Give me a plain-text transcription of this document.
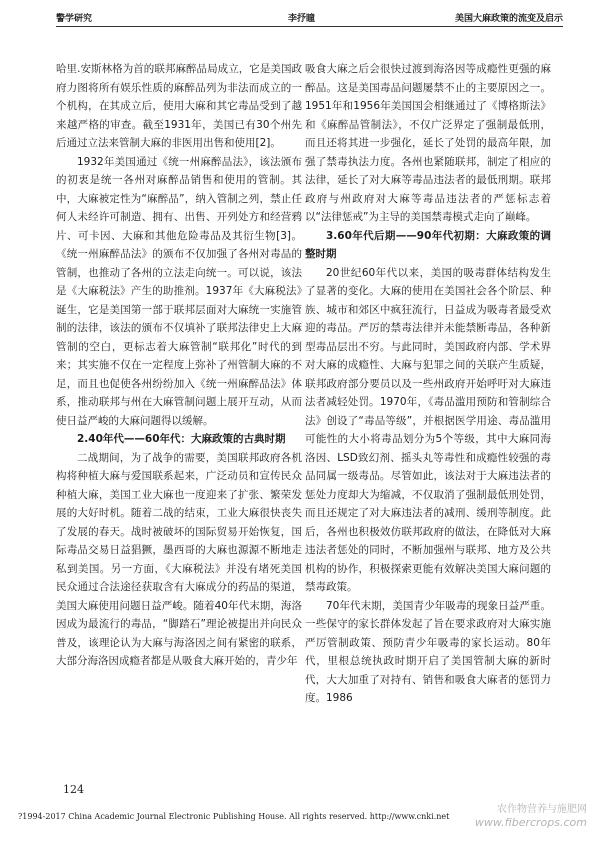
警学研究	李抒瞳	美国大麻政策的流变及启示

哈里.安斯林格为首的联邦麻醉品局成立，它是美国政府力图将所有娱乐性质的麻醉品列为非法而成立的一个机构，在其成立后，使用大麻和其它毒品受到了越来越严格的审查。截至1931年，美国已有30个州先后通过立法来管制大麻的非医用出售和使用[2]。

1932年美国通过《统一州麻醉品法》，该法颁布的初衷是统一各州对麻醉品销售和使用的管制。其中，大麻被定性为“麻醉品”，纳入管制之列，禁止任何人未经许可制造、拥有、出售、开列处方和经营鸦片、可卡因、大麻和其他危险毒品及其衍生物[3]。《统一州麻醉品法》的颁布不仅加强了各州对毒品的管制，也推动了各州的立法走向统一。可以说，该法是《大麻税法》产生的助推剂。1937年《大麻税法》诞生，它是美国第一部于联邦层面对大麻统一实施管制的法律，该法的颁布不仅填补了联邦法律史上大麻管制的空白，更标志着大麻管制“联邦化”时代的到来；其实施不仅在一定程度上弥补了州管制大麻的不足，而且也促使各州纷纷加入《统一州麻醉品法》体系，推动联邦与州在大麻管制问题上展开互动，从而使日益严峻的大麻问题得以缓解。

2.40年代——60年代：大麻政策的古典时期

二战期间，为了战争的需要，美国联邦政府各机构将种植大麻与爱国联系起来，广泛动员和宣传民众种植大麻，美国工业大麻也一度迎来了扩张、繁荣发展的大好时机。随着二战的结束，工业大麻很快丧失了发展的春天。战时被破坏的国际贸易开始恢复，国际毒品交易日益猖獗，墨西哥的大麻也源源不断地走私到美国。另一方面，《大麻税法》并没有堵死美国民众通过合法途径获取含有大麻成分的药品的渠道，美国大麻使用问题日益严峻。随着40年代末期，海洛因成为最流行的毒品，“脚踏石”理论被提出并向民众普及，该理论认为大麻与海洛因之间有紧密的联系，大部分海洛因成瘾者都是从吸食大麻开始的，青少年

吸食大麻之后会很快过渡到海洛因等成瘾性更强的麻醉品。这是美国毒品问题屡禁不止的主要原因之一。1951年和1956年美国国会相继通过了《博格斯法》和《麻醉品管制法》，不仅广泛界定了强制最低刑，而且还将其进一步强化，延长了处罚的最高年限，加强了禁毒执法力度。各州也紧随联邦，制定了相应的法律，延长了对大麻等毒品违法者的最低刑期。联邦政府与州政府对大麻等毒品违法者的严惩标志着以“法律惩戒”为主导的美国禁毒模式走向了巅峰。

3.60年代后期——90年代初期：大麻政策的调整时期

20世纪60年代以来，美国的吸毒群体结构发生了显著的变化。大麻的使用在美国社会各个阶层、种族、城市和郊区中疯狂流行，日益成为吸毒者最受欢迎的毒品。严厉的禁毒法律并未能禁断毒品，各种新型毒品层出不穷。与此同时，美国政府内部、学术界对大麻的成瘾性、大麻与犯罪之间的关联产生质疑，联邦政府部分要员以及一些州政府开始呼吁对大麻违法者减轻处罚。1970年，《毒品滥用预防和管制综合法》创设了“毒品等级”，并根据医学用途、毒品滥用可能性的大小将毒品划分为5个等级，其中大麻同海洛因、LSD致幻剂、摇头丸等毒性和成瘾性较强的毒品同属一级毒品。尽管如此，该法对于大麻违法者的惩处力度却大为缩减，不仅取消了强制最低刑处罚，而且还规定了对大麻违法者的减刑、缓刑等制度。此后，各州也积极效仿联邦政府的做法，在降低对大麻违法者惩处的同时，不断加强州与联邦、地方及公共机构的协作，积极探索更能有效解决美国大麻问题的禁毒政策。

70年代末期，美国青少年吸毒的现象日益严重。一些保守的家长群体发起了旨在要求政府对大麻实施严厉管制政策、预防青少年吸毒的家长运动。80年代，里根总统执政时期开启了美国管制大麻的新时代，大大加重了对持有、销售和吸食大麻者的惩罚力度。1986

124
?1994-2017 China Academic Journal Electronic Publishing House. All rights reserved. http://www.cnki.net
农作物营养与施肥网
www.fibercrops.com
